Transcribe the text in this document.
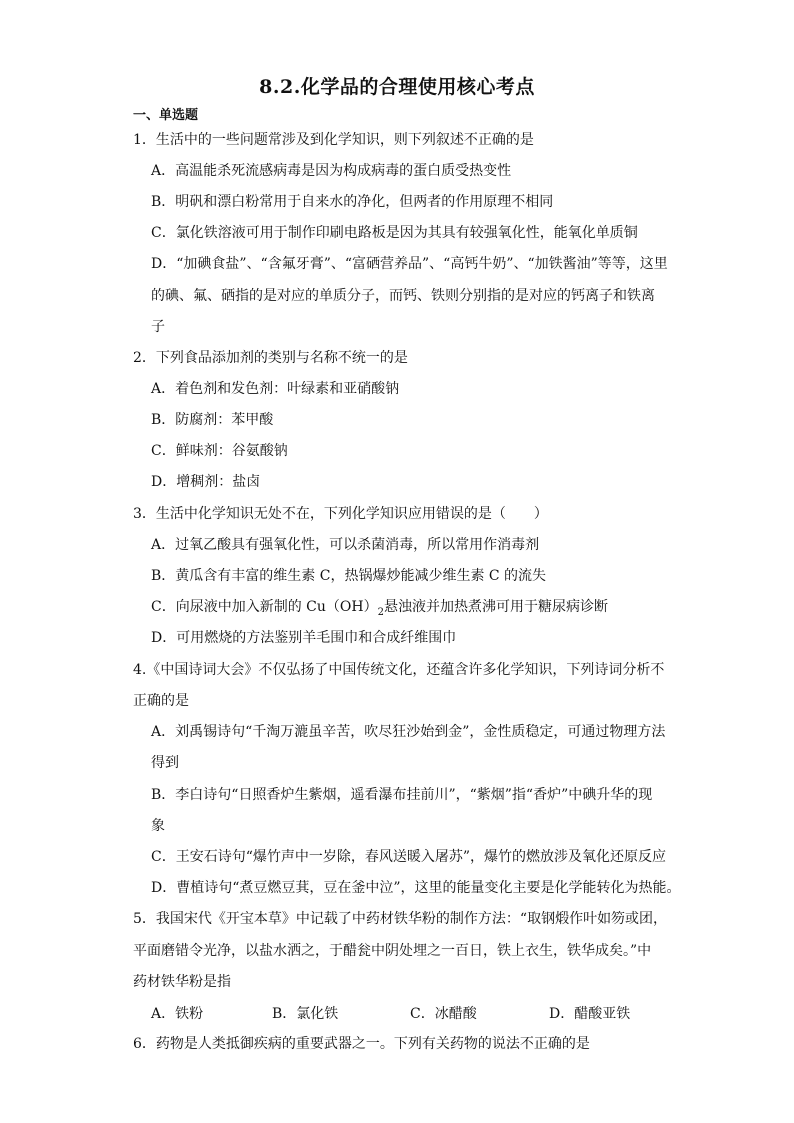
8.2.化学品的合理使用核心考点
一、单选题
1．生活中的一些问题常涉及到化学知识，则下列叙述不正确的是
A．高温能杀死流感病毒是因为构成病毒的蛋白质受热变性
B．明矾和漂白粉常用于自来水的净化，但两者的作用原理不相同
C．氯化铁溶液可用于制作印刷电路板是因为其具有较强氧化性，能氧化单质铜
D．“加碘食盐”、“含氟牙膏”、“富硒营养品”、“高钙牛奶”、“加铁酱油”等等，这里
的碘、氟、硒指的是对应的单质分子，而钙、铁则分别指的是对应的钙离子和铁离
子
2．下列食品添加剂的类别与名称不统一的是
A．着色剂和发色剂：叶绿素和亚硝酸钠
B．防腐剂：苯甲酸
C．鲜味剂：谷氨酸钠
D．增稠剂：盐卤
3．生活中化学知识无处不在，下列化学知识应用错误的是（　　）
A．过氧乙酸具有强氧化性，可以杀菌消毒，所以常用作消毒剂
B．黄瓜含有丰富的维生素 C，热锅爆炒能减少维生素 C 的流失
C．向尿液中加入新制的 $Cu(OH)_2$悬浊液并加热煮沸可用于糖尿病诊断
D．可用燃烧的方法鉴别羊毛围巾和合成纤维围巾
4.《中国诗词大会》不仅弘扬了中国传统文化，还蕴含许多化学知识，下列诗词分析不
正确的是
A．刘禹锡诗句“千淘万漉虽辛苦，吹尽狂沙始到金”，金性质稳定，可通过物理方法
得到
B．李白诗句“日照香炉生紫烟，遥看瀑布挂前川”，“紫烟”指“香炉”中碘升华的现
象
C．王安石诗句“爆竹声中一岁除，春风送暖入屠苏”，爆竹的燃放涉及氧化还原反应
D．曹植诗句“煮豆燃豆萁，豆在釜中泣”，这里的能量变化主要是化学能转化为热能。
5．我国宋代《开宝本草》中记载了中药材铁华粉的制作方法：“取钢煅作叶如笏或团，
平面磨错令光净，以盐水洒之，于醋瓮中阴处埋之一百日，铁上衣生，铁华成矣。”中
药材铁华粉是指
A．铁粉	B．氯化铁	C．冰醋酸	D．醋酸亚铁
6．药物是人类抵御疾病的重要武器之一。下列有关药物的说法不正确的是
